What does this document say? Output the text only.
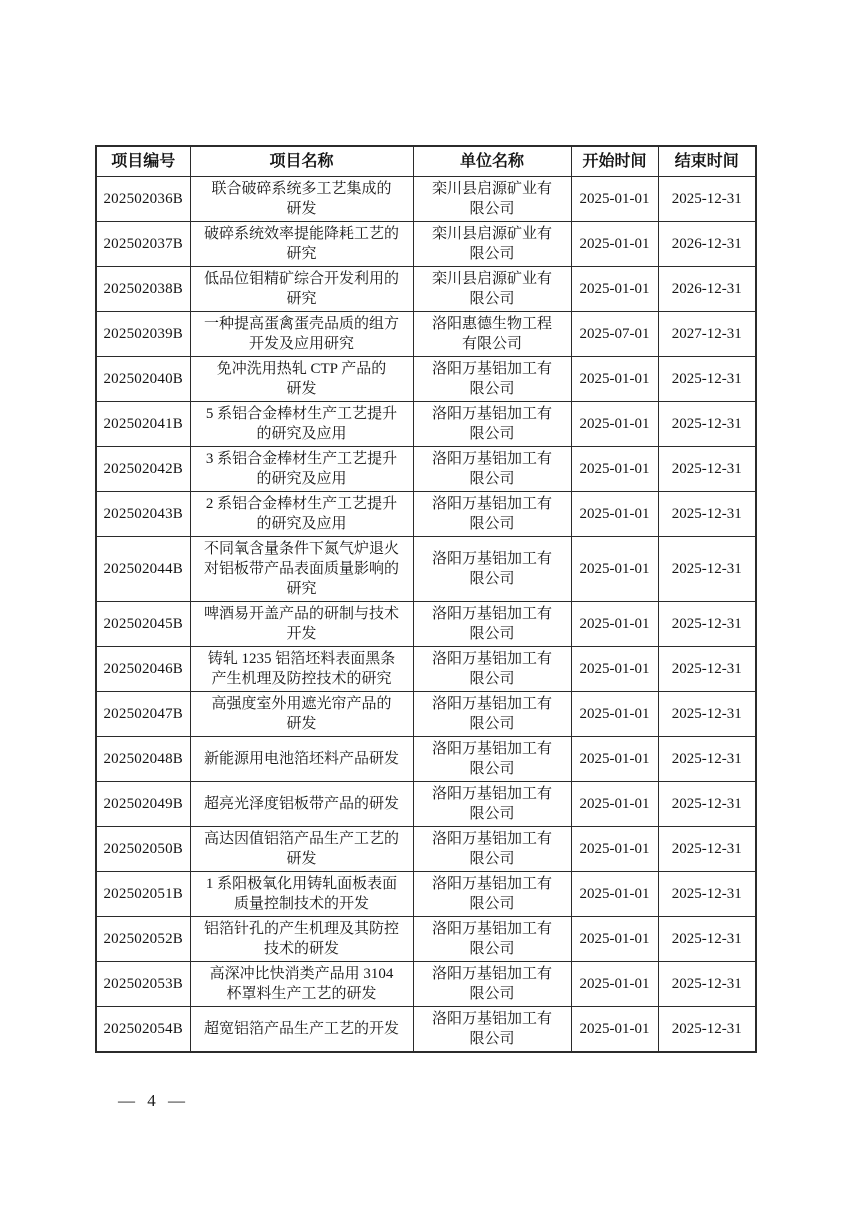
项目编号	项目名称	单位名称	开始时间	结束时间
202502036B	联合破碎系统多工艺集成的研发	栾川县启源矿业有限公司	2025-01-01	2025-12-31
202502037B	破碎系统效率提能降耗工艺的研究	栾川县启源矿业有限公司	2025-01-01	2026-12-31
202502038B	低品位钼精矿综合开发利用的研究	栾川县启源矿业有限公司	2025-01-01	2026-12-31
202502039B	一种提高蛋禽蛋壳品质的组方开发及应用研究	洛阳惠德生物工程有限公司	2025-07-01	2027-12-31
202502040B	免冲洗用热轧 CTP 产品的研发	洛阳万基铝加工有限公司	2025-01-01	2025-12-31
202502041B	5 系铝合金棒材生产工艺提升的研究及应用	洛阳万基铝加工有限公司	2025-01-01	2025-12-31
202502042B	3 系铝合金棒材生产工艺提升的研究及应用	洛阳万基铝加工有限公司	2025-01-01	2025-12-31
202502043B	2 系铝合金棒材生产工艺提升的研究及应用	洛阳万基铝加工有限公司	2025-01-01	2025-12-31
202502044B	不同氧含量条件下氮气炉退火对铝板带产品表面质量影响的研究	洛阳万基铝加工有限公司	2025-01-01	2025-12-31
202502045B	啤酒易开盖产品的研制与技术开发	洛阳万基铝加工有限公司	2025-01-01	2025-12-31
202502046B	铸轧 1235 铝箔坯料表面黑条产生机理及防控技术的研究	洛阳万基铝加工有限公司	2025-01-01	2025-12-31
202502047B	高强度室外用遮光帘产品的研发	洛阳万基铝加工有限公司	2025-01-01	2025-12-31
202502048B	新能源用电池箔坯料产品研发	洛阳万基铝加工有限公司	2025-01-01	2025-12-31
202502049B	超亮光泽度铝板带产品的研发	洛阳万基铝加工有限公司	2025-01-01	2025-12-31
202502050B	高达因值铝箔产品生产工艺的研发	洛阳万基铝加工有限公司	2025-01-01	2025-12-31
202502051B	1 系阳极氧化用铸轧面板表面质量控制技术的开发	洛阳万基铝加工有限公司	2025-01-01	2025-12-31
202502052B	铝箔针孔的产生机理及其防控技术的研发	洛阳万基铝加工有限公司	2025-01-01	2025-12-31
202502053B	高深冲比快消类产品用 3104 杯罩料生产工艺的研发	洛阳万基铝加工有限公司	2025-01-01	2025-12-31
202502054B	超宽铝箔产品生产工艺的开发	洛阳万基铝加工有限公司	2025-01-01	2025-12-31
— 4 —
